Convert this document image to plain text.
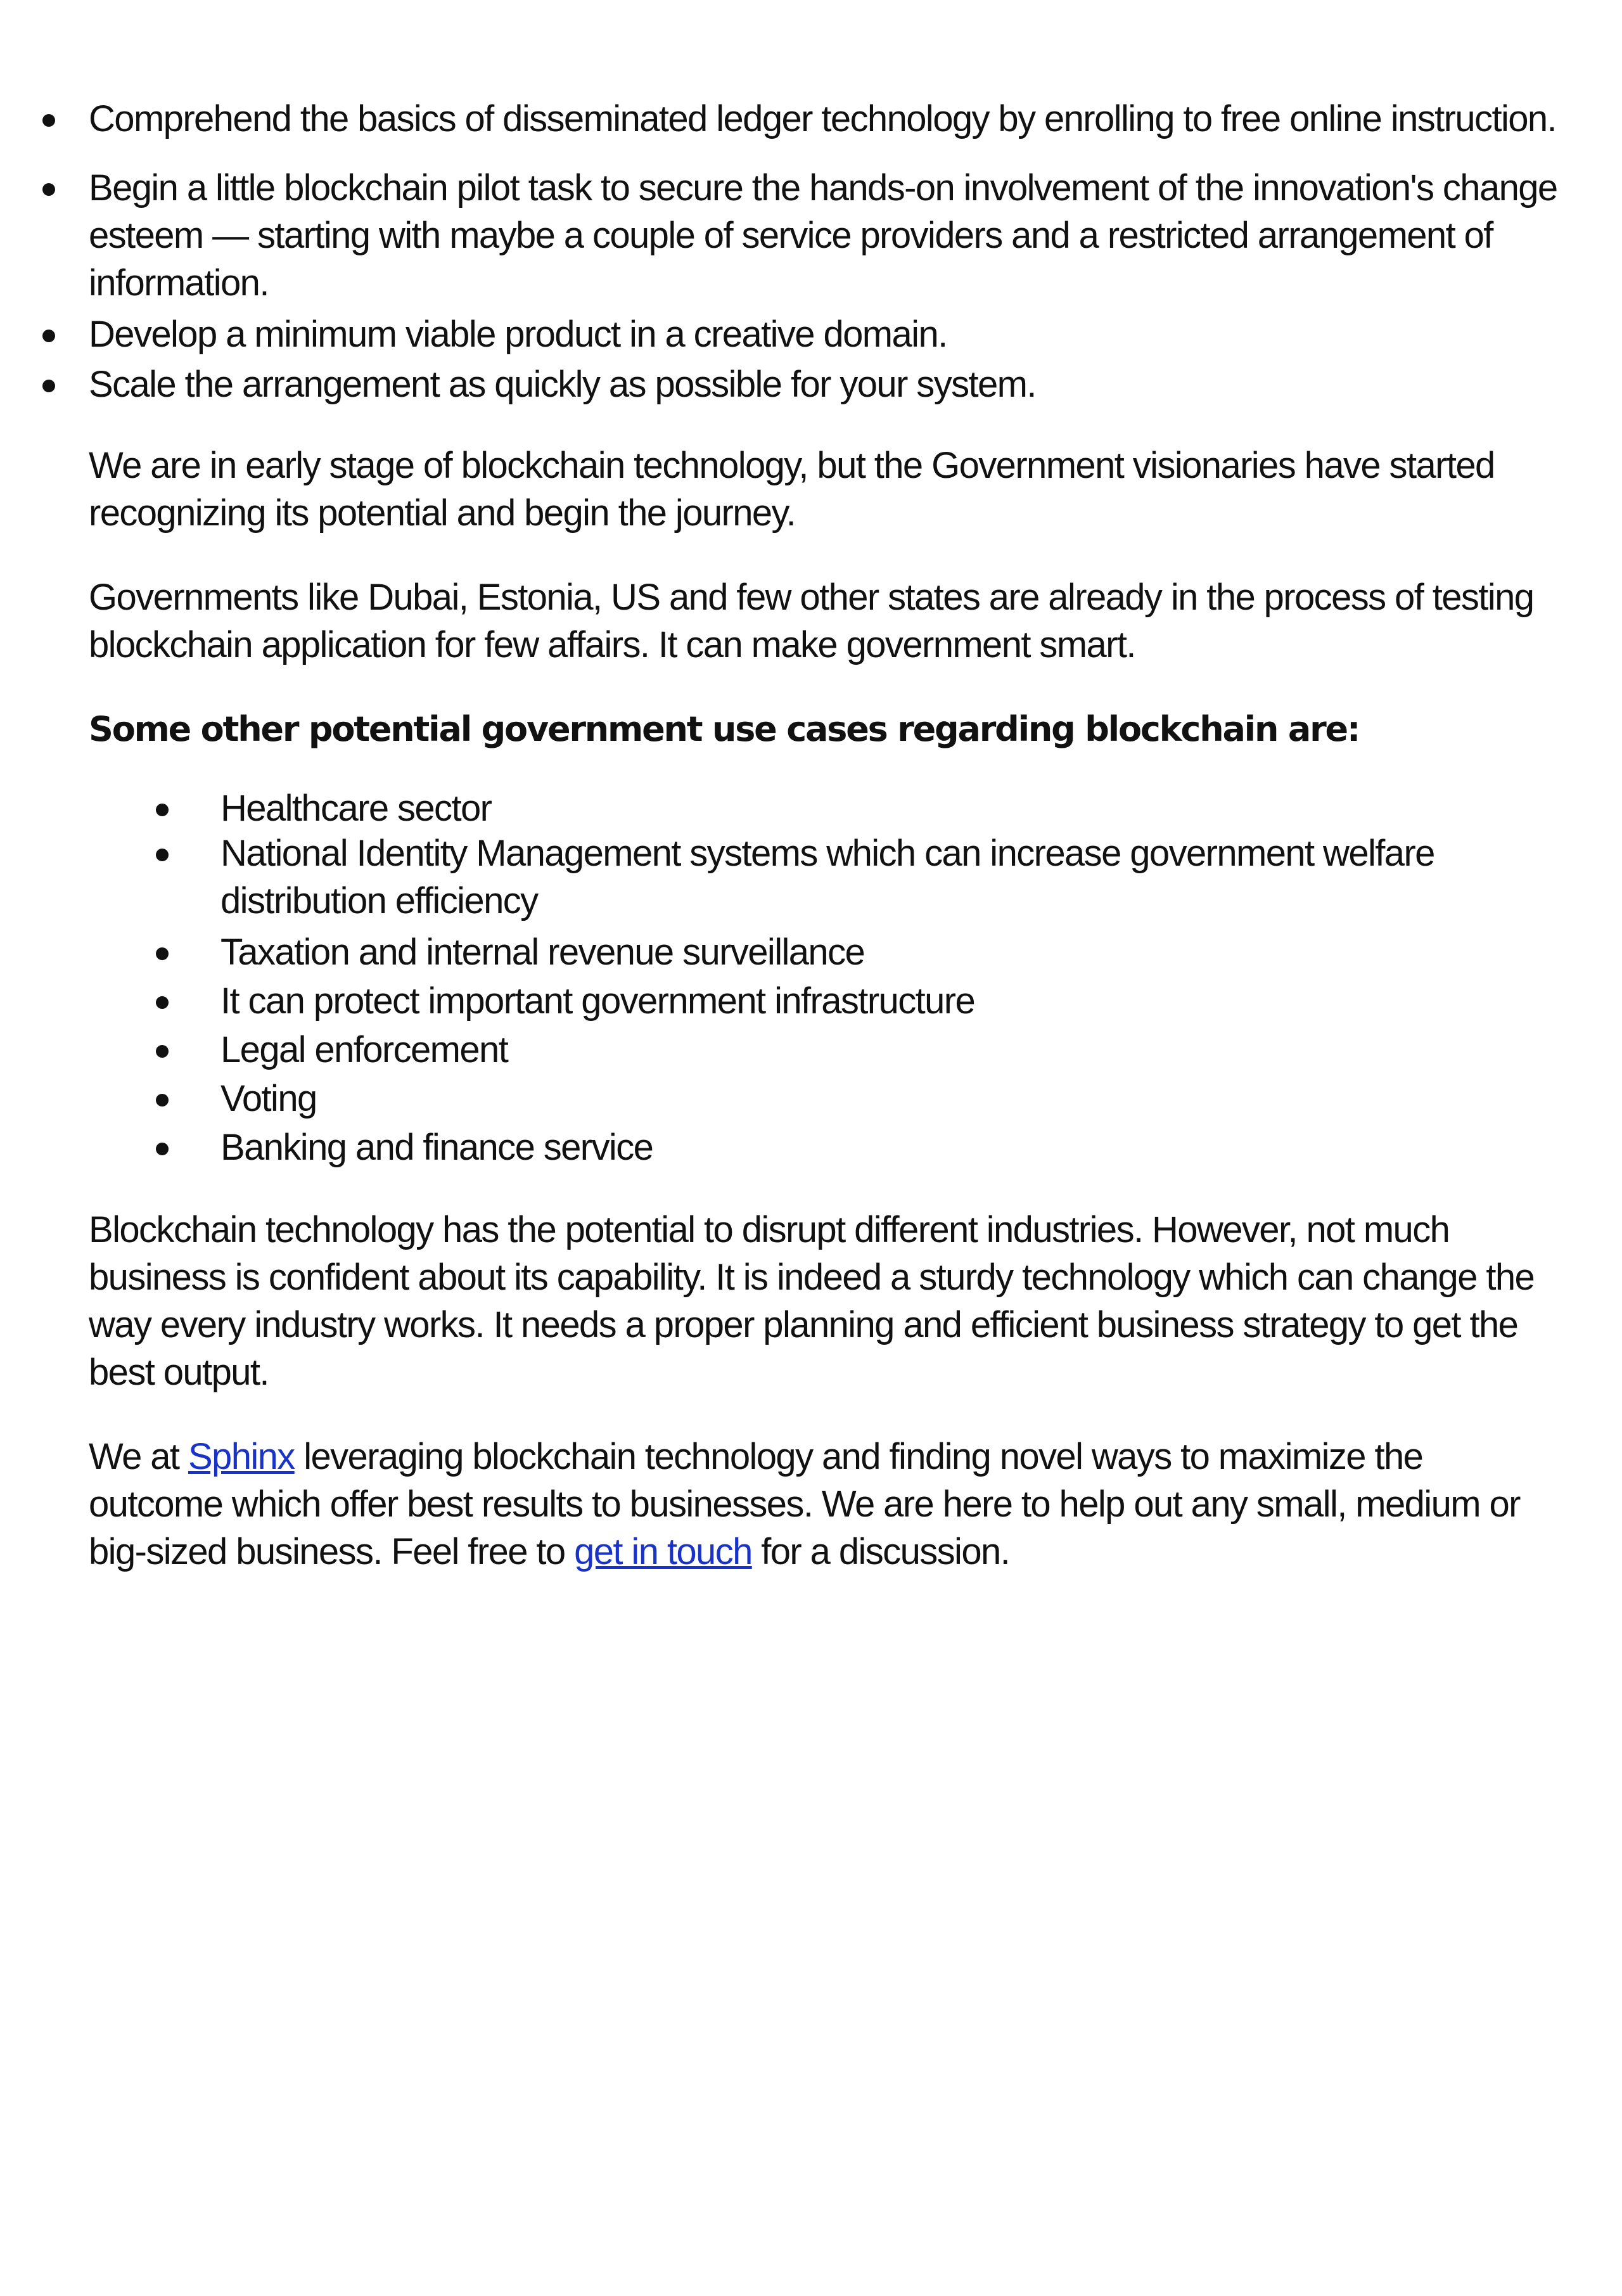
Comprehend the basics of disseminated ledger technology by enrolling to free online instruction.
Begin a little blockchain pilot task to secure the hands-on involvement of the innovation's change esteem — starting with maybe a couple of service providers and a restricted arrangement of information.
Develop a minimum viable product in a creative domain.
Scale the arrangement as quickly as possible for your system.

We are in early stage of blockchain technology, but the Government visionaries have started recognizing its potential and begin the journey.

Governments like Dubai, Estonia, US and few other states are already in the process of testing blockchain application for few affairs. It can make government smart.

Some other potential government use cases regarding blockchain are:

Healthcare sector
National Identity Management systems which can increase government welfare distribution efficiency
Taxation and internal revenue surveillance
It can protect important government infrastructure
Legal enforcement
Voting
Banking and finance service

Blockchain technology has the potential to disrupt different industries. However, not much business is confident about its capability. It is indeed a sturdy technology which can change the way every industry works. It needs a proper planning and efficient business strategy to get the best output.

We at Sphinx leveraging blockchain technology and finding novel ways to maximize the outcome which offer best results to businesses. We are here to help out any small, medium or big-sized business. Feel free to get in touch for a discussion.
